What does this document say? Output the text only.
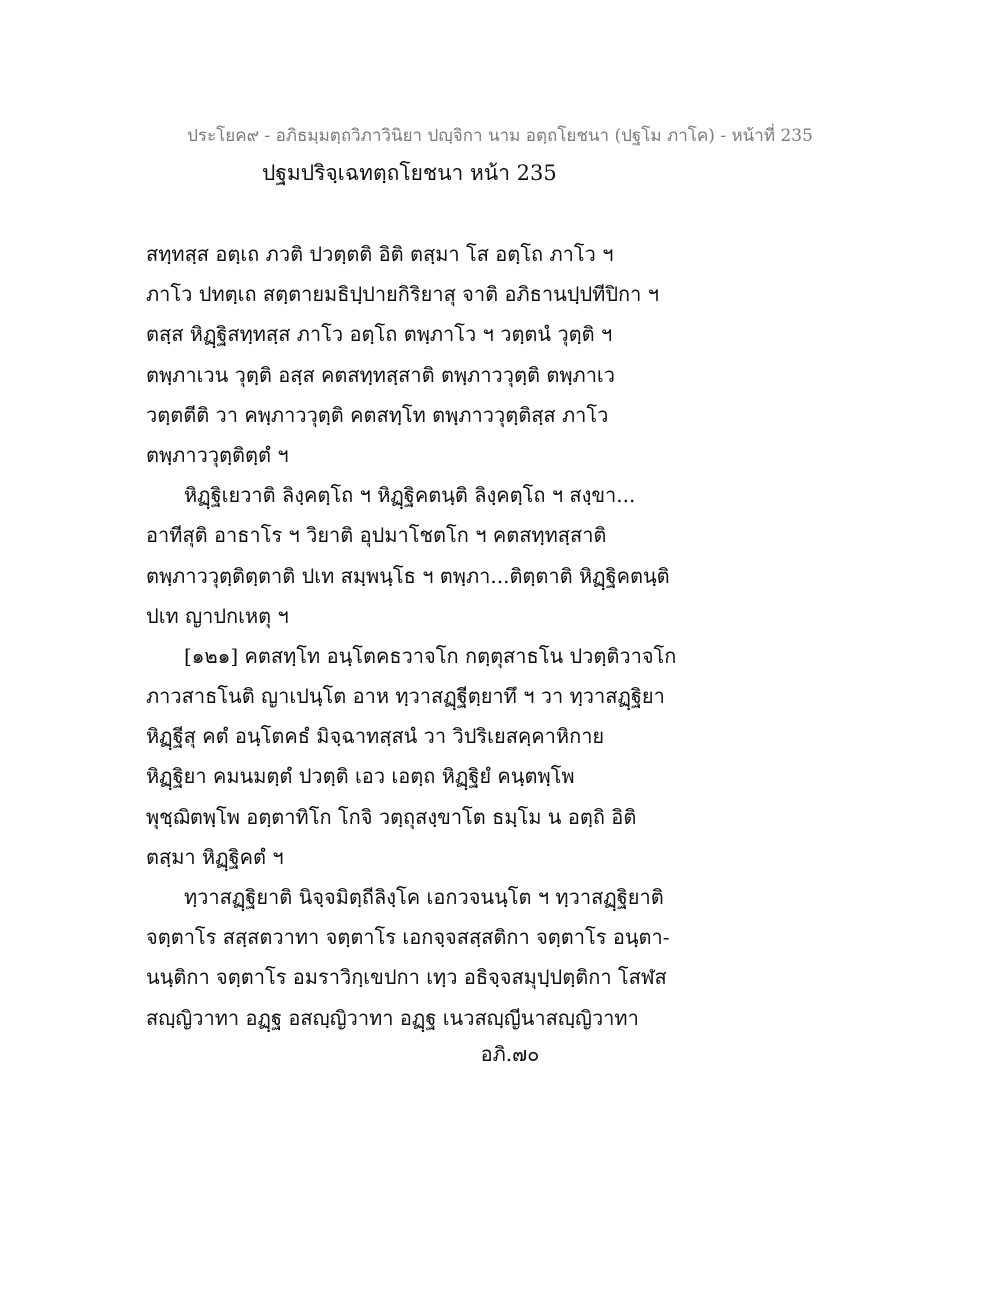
ประโยค๙ - อภิธมฺมตฺถวิภาวินิยา ปญฺจิกา นาม อตฺถโยชนา (ปฐโม ภาโค) - หน้าที่ 235
ปฐมปริจฺเฉทตฺถโยชนา หน้า 235
สทฺทสฺส อตฺเถ ภวติ ปวตฺตติ อิติ ตสฺมา โส อตฺโถ ภาโว ฯ
ภาโว ปทตฺเถ สตฺตายมธิปฺปายกิริยาสุ จาติ อภิธานปฺปทีปิกา ฯ
ตสฺส หิฏฺฐิสทฺทสฺส ภาโว อตฺโถ ตพฺภาโว ฯ วตฺตนํ วุตฺติ ฯ
ตพฺภาเวน วุตฺติ อสฺส คตสทฺทสฺสาติ ตพฺภาววุตฺติ ตพฺภาเว
วตฺตตีติ วา คพฺภาววุตฺติ คตสทฺโท ตพฺภาววุตฺติสฺส ภาโว
ตพฺภาววุตฺติตฺตํ ฯ
หิฏฺฐิเยวาติ ลิงฺคตฺโถ ฯ หิฏฺฐิคตนฺติ ลิงฺคตฺโถ ฯ สงฺขา...
อาทีสุติ อาธาโร ฯ วิยาติ อุปมาโชตโก ฯ คตสทฺทสฺสาติ
ตพฺภาววุตฺติตฺตาติ ปเท สมฺพนฺโธ ฯ ตพฺภา...ติตฺตาติ หิฏฺฐิคตนฺติ
ปเท ญาปกเหตุ ฯ
[๑๒๑] คตสทฺโท อนฺโตคธวาจโก กตฺตุสาธโน ปวตฺติวาจโก
ภาวสาธโนติ ญาเปนฺโต อาห ทฺวาสฏฺฐีตฺยาทึ ฯ วา ทฺวาสฏฺฐิยา
หิฏฺฐีสุ คตํ อนฺโตคธํ มิจฺฉาทสฺสนํ วา วิปริเยสคฺคาหิกาย
หิฏฺฐิยา คมนมตฺตํ ปวตฺติ เอว เอตฺถ หิฏฺฐิยํ คนฺตพฺโพ
พุชฺฌิตพฺโพ อตฺตาทิโก โกจิ วตฺถุสงฺขาโต ธมฺโม น อตฺถิ อิติ
ตสฺมา หิฏฺฐิคตํ ฯ
ทฺวาสฏฺฐิยาติ นิจฺจมิตฺถีลิงฺโค เอกวจนนฺโต ฯ ทฺวาสฏฺฐิยาติ
จตฺตาโร สสฺสตวาทา จตฺตาโร เอกจฺจสสฺสติกา จตฺตาโร อนฺตา-
นนฺติกา จตฺตาโร อมราวิกฺเขปกา เทฺว อธิจฺจสมุปฺปตฺติกา โสฬส
สญฺญิวาทา อฏฺฐ อสญฺญิวาทา อฏฺฐ เนวสญฺญีนาสญฺญิวาทา
อภิ.๗๐
